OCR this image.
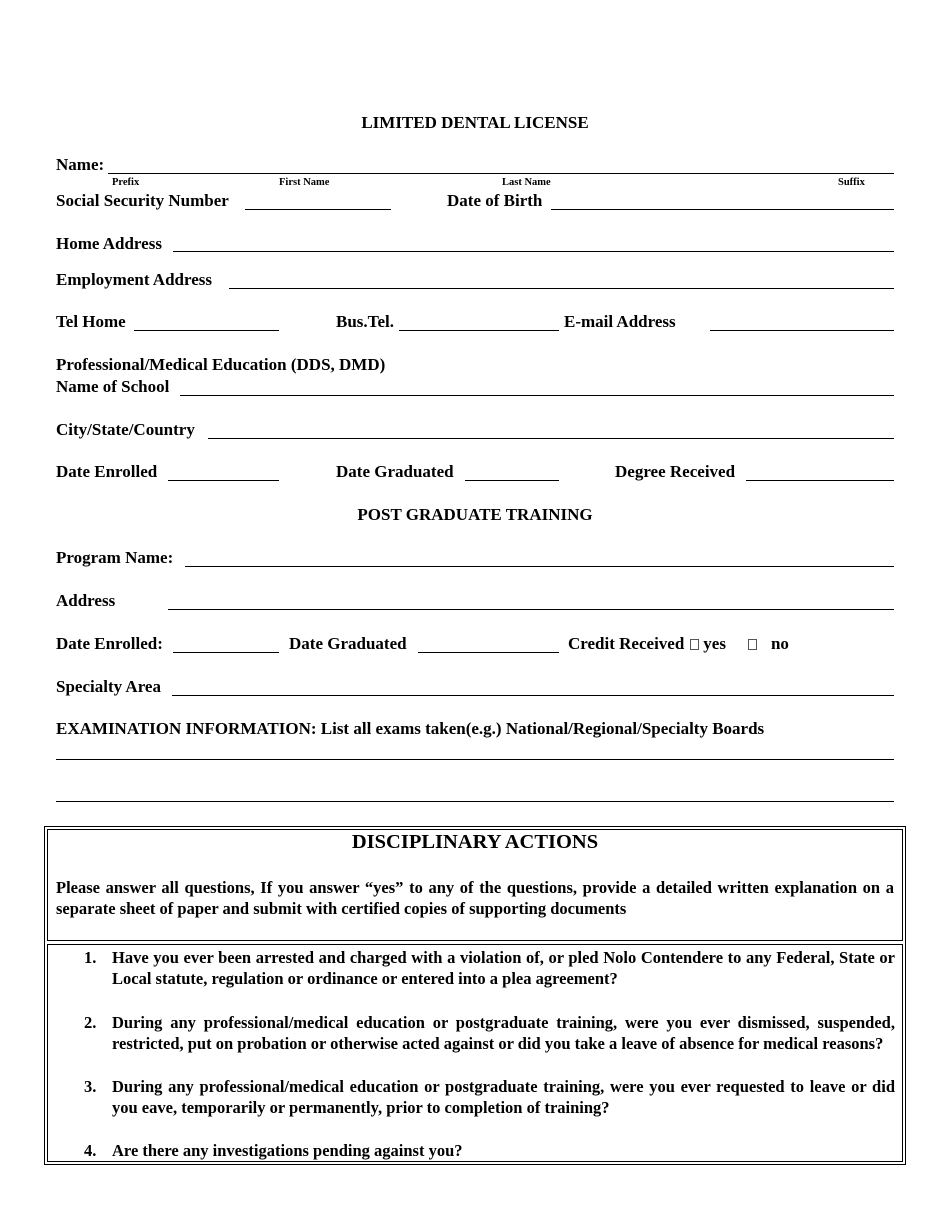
LIMITED DENTAL LICENSE
Name:
Prefix	First Name	Last Name	Suffix
Social Security Number	Date of Birth
Home Address
Employment Address
Tel Home	Bus.Tel.	E-mail Address
Professional/Medical Education (DDS, DMD)
Name of School
City/State/Country
Date Enrolled	Date Graduated	Degree Received
POST GRADUATE TRAINING
Program Name:
Address
Date Enrolled:	Date Graduated	Credit Received yes	no
Specialty Area
EXAMINATION INFORMATION: List all exams taken(e.g.) National/Regional/Specialty Boards
DISCIPLINARY ACTIONS
Please answer all questions, If you answer “yes” to any of the questions, provide a detailed written explanation on a separate sheet of paper and submit with certified copies of supporting documents
1. Have you ever been arrested and charged with a violation of, or pled Nolo Contendere to any Federal, State or Local statute, regulation or ordinance or entered into a plea agreement?
2. During any professional/medical education or postgraduate training, were you ever dismissed, suspended, restricted, put on probation or otherwise acted against or did you take a leave of absence for medical reasons?
3. During any professional/medical education or postgraduate training, were you ever requested to leave or did you eave, temporarily or permanently, prior to completion of training?
4. Are there any investigations pending against you?
